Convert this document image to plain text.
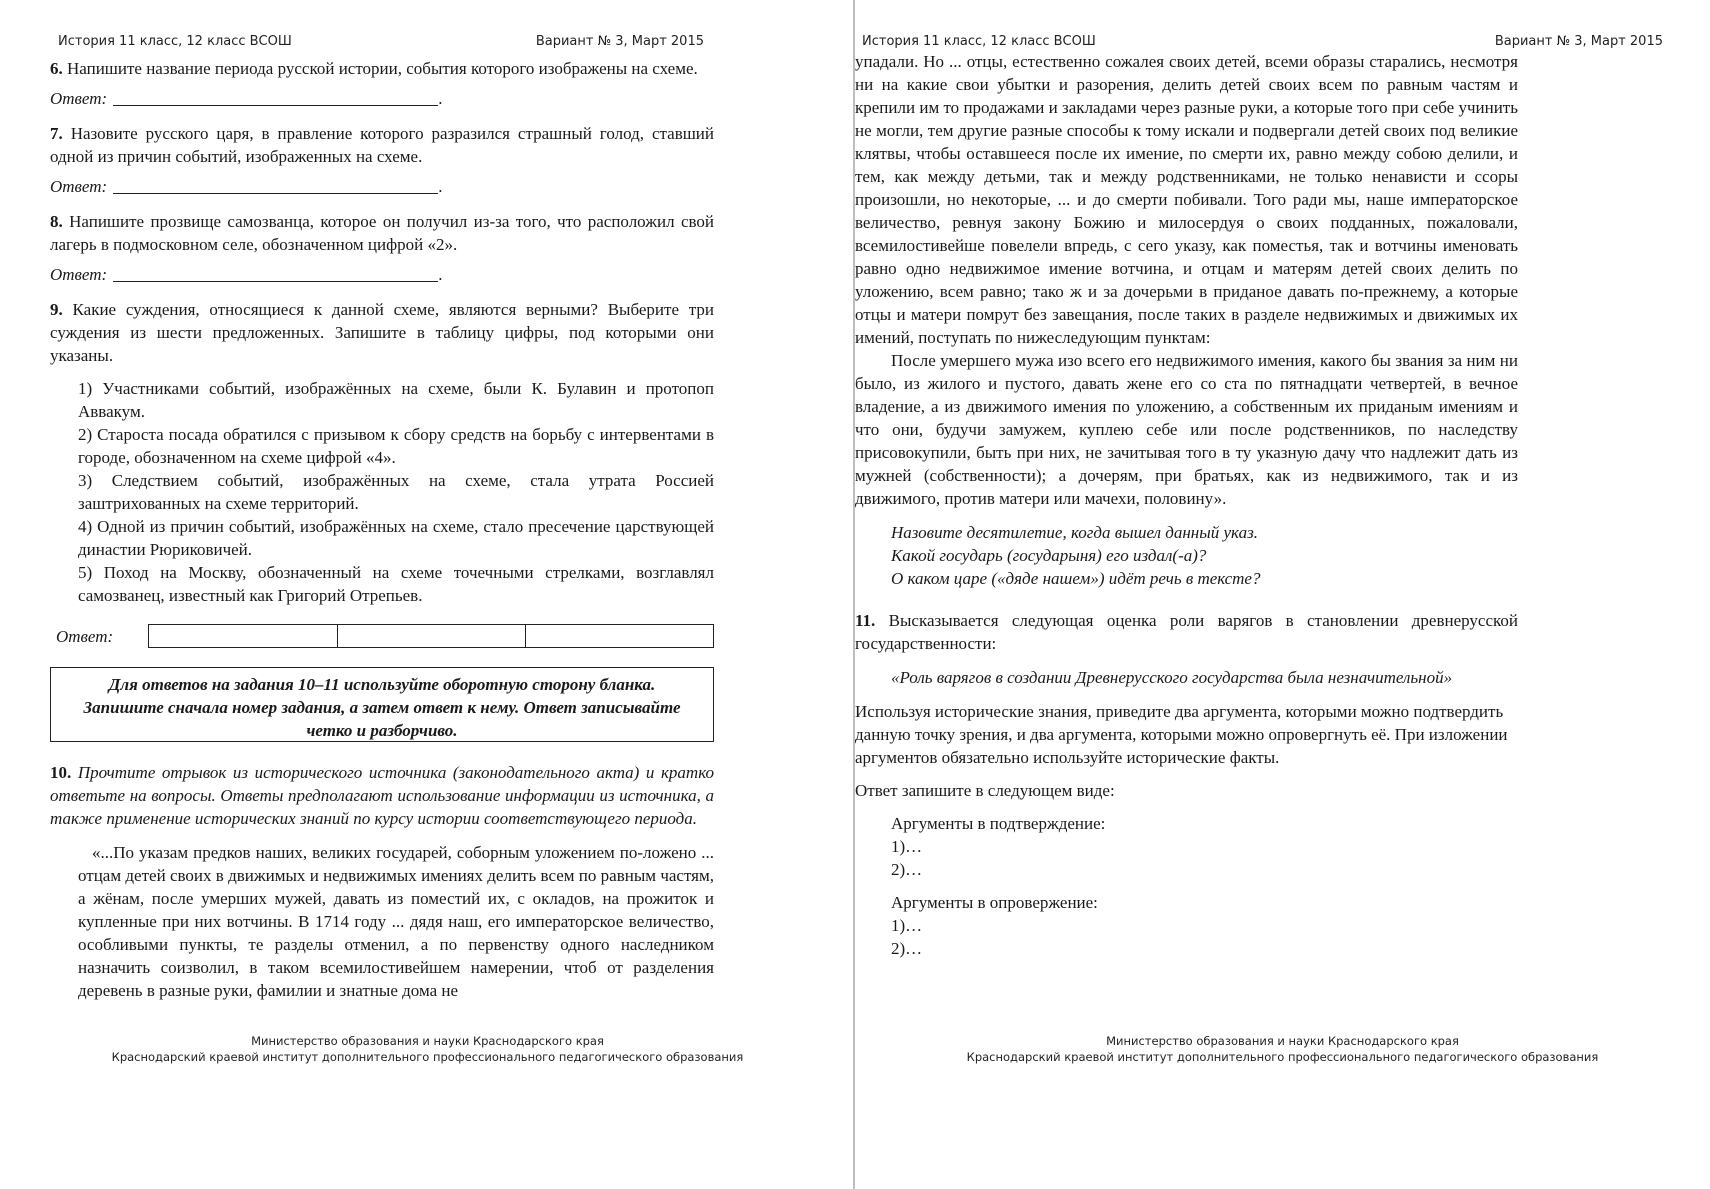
История 11 класс, 12 класс ВСОШ	Вариант № 3, Март 2015

6. Напишите название периода русской истории, события которого изображены на схеме.

Ответ:	.

7. Назовите русского царя, в правление которого разразился страшный голод, ставший одной из причин событий, изображенных на схеме.

Ответ:	.

8. Напишите прозвище самозванца, которое он получил из-за того, что расположил свой лагерь в подмосковном селе, обозначенном цифрой «2».

Ответ:	.

9. Какие суждения, относящиеся к данной схеме, являются верными? Выберите три суждения из шести предложенных. Запишите в таблицу цифры, под которыми они указаны.

1) Участниками событий, изображённых на схеме, были К. Булавин и протопоп Аввакум.

2) Староста посада обратился с призывом к сбору средств на борьбу с интервентами в городе, обозначенном на схеме цифрой «4».

3) Следствием событий, изображённых на схеме, стала утрата Россией заштрихованных на схеме территорий.

4) Одной из причин событий, изображённых на схеме, стало пресечение царствующей династии Рюриковичей.

5) Поход на Москву, обозначенный на схеме точечными стрелками, возглавлял самозванец, известный как Григорий Отрепьев.

Ответ:

Для ответов на задания 10–11 используйте оборотную сторону бланка. Запишите сначала номер задания, а затем ответ к нему. Ответ записывайте четко и разборчиво.

10. Прочтите отрывок из исторического источника (законодательного акта) и кратко ответьте на вопросы. Ответы предполагают использование информации из источника, а также применение исторических знаний по курсу истории соответствующего периода.

«...По указам предков наших, великих государей, соборным уложением по-ложено ... отцам детей своих в движимых и недвижимых имениях делить всем по равным частям, а жёнам, после умерших мужей, давать из поместий их, с окладов, на прожиток и купленные при них вотчины. В 1714 году ... дядя наш, его императорское величество, особливыми пункты, те разделы отменил, а по первенству одного наследником назначить соизволил, в таком всемилостивейшем намерении, чтоб от разделения деревень в разные руки, фамилии и знатные дома не

Министерство образования и науки Краснодарского края
Краснодарский краевой институт дополнительного профессионального педагогического образования
История 11 класс, 12 класс ВСОШ	Вариант № 3, Март 2015

упадали. Но ... отцы, естественно сожалея своих детей, всеми образы старались, несмотря ни на какие свои убытки и разорения, делить детей своих всем по равным частям и крепили им то продажами и закладами через разные руки, а которые того при себе учинить не могли, тем другие разные способы к тому искали и подвергали детей своих под великие клятвы, чтобы оставшееся после их имение, по смерти их, равно между собою делили, и тем, как между детьми, так и между родственниками, не только ненависти и ссоры произошли, но некоторые, ... и до смерти побивали. Того ради мы, наше императорское величество, ревнуя закону Божию и милосердуя о своих подданных, пожаловали, всемилостивейше повелели впредь, с сего указу, как поместья, так и вотчины именовать равно одно недвижимое имение вотчина, и отцам и матерям детей своих делить по уложению, всем равно; тако ж и за дочерьми в приданое давать по-прежнему, а которые отцы и матери помрут без завещания, после таких в разделе недвижимых и движимых их имений, поступать по нижеследующим пунктам:

После умершего мужа изо всего его недвижимого имения, какого бы звания за ним ни было, из жилого и пустого, давать жене его со ста по пятнадцати четвертей, в вечное владение, а из движимого имения по уложению, а собственным их приданым имениям и что они, будучи замужем, куплею себе или после родственников, по наследству присовокупили, быть при них, не зачитывая того в ту указную дачу что надлежит дать из мужней (собственности); а дочерям, при братьях, как из недвижимого, так и из движимого, против матери или мачехи, половину».

Назовите десятилетие, когда вышел данный указ.

Какой государь (государыня) его издал(-а)?

О каком царе («дяде нашем») идёт речь в тексте?

11. Высказывается следующая оценка роли варягов в становлении древнерусской государственности:

«Роль варягов в создании Древнерусского государства была незначительной»

Используя исторические знания, приведите два аргумента, которыми можно подтвердить данную точку зрения, и два аргумента, которыми можно опровергнуть её. При изложении аргументов обязательно используйте исторические факты.

Ответ запишите в следующем виде:

Аргументы в подтверждение:

1)…

2)…

Аргументы в опровержение:

1)…

2)…

Министерство образования и науки Краснодарского края
Краснодарский краевой институт дополнительного профессионального педагогического образования
